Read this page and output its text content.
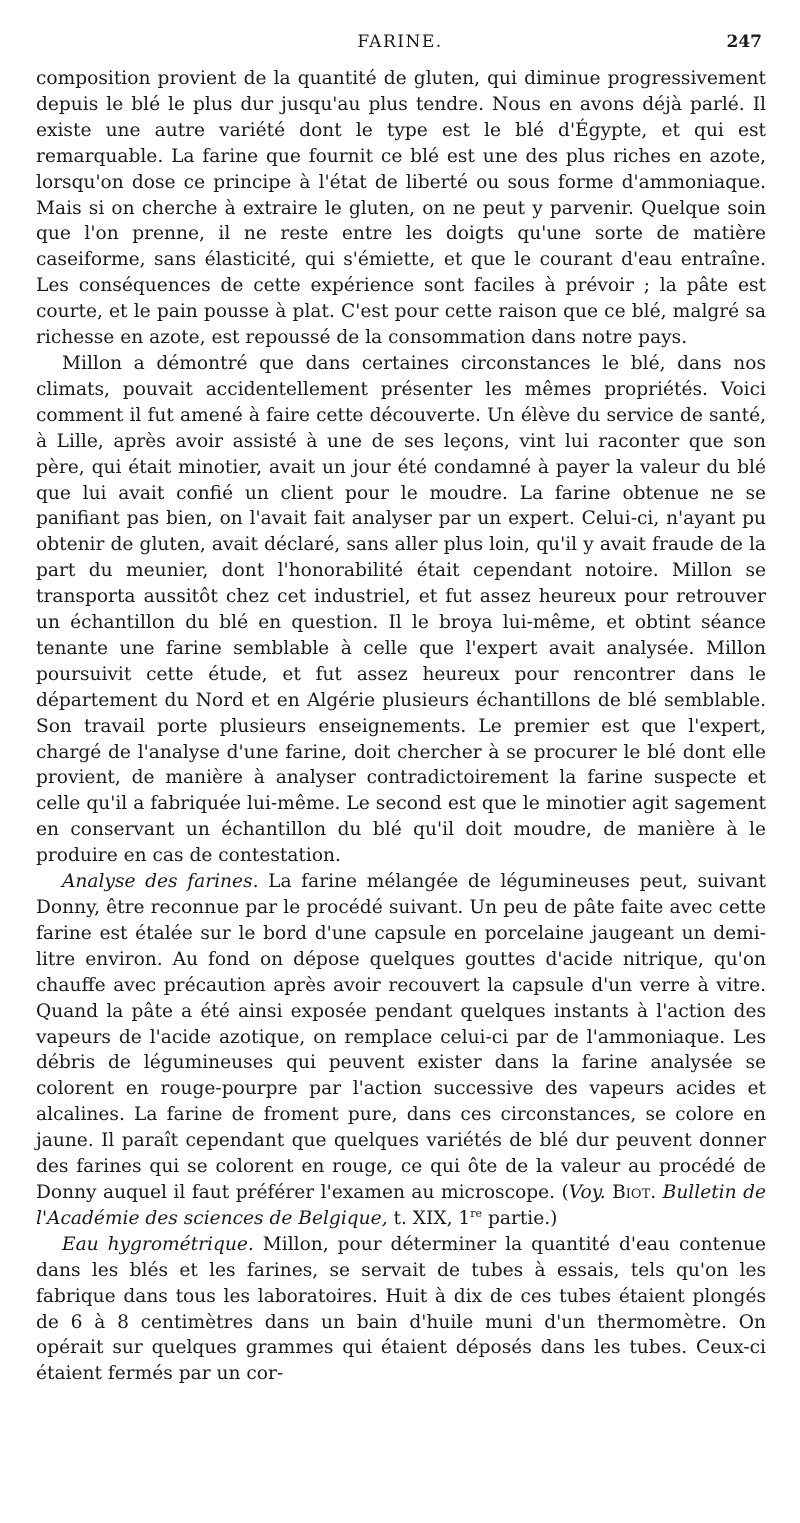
FARINE.	247

composition provient de la quantité de gluten, qui diminue progressivement depuis le blé le plus dur jusqu'au plus tendre. Nous en avons déjà parlé. Il existe une autre variété dont le type est le blé d'Égypte, et qui est remarquable. La farine que fournit ce blé est une des plus riches en azote, lorsqu'on dose ce principe à l'état de liberté ou sous forme d'ammoniaque. Mais si on cherche à extraire le gluten, on ne peut y parvenir. Quelque soin que l'on prenne, il ne reste entre les doigts qu'une sorte de matière caseiforme, sans élasticité, qui s'émiette, et que le courant d'eau entraîne. Les conséquences de cette expérience sont faciles à prévoir ; la pâte est courte, et le pain pousse à plat. C'est pour cette raison que ce blé, malgré sa richesse en azote, est repoussé de la consommation dans notre pays.

Millon a démontré que dans certaines circonstances le blé, dans nos climats, pouvait accidentellement présenter les mêmes propriétés. Voici comment il fut amené à faire cette découverte. Un élève du service de santé, à Lille, après avoir assisté à une de ses leçons, vint lui raconter que son père, qui était minotier, avait un jour été condamné à payer la valeur du blé que lui avait confié un client pour le moudre. La farine obtenue ne se panifiant pas bien, on l'avait fait analyser par un expert. Celui-ci, n'ayant pu obtenir de gluten, avait déclaré, sans aller plus loin, qu'il y avait fraude de la part du meunier, dont l'honorabilité était cependant notoire. Millon se transporta aussitôt chez cet industriel, et fut assez heureux pour retrouver un échantillon du blé en question. Il le broya lui-même, et obtint séance tenante une farine semblable à celle que l'expert avait analysée. Millon poursuivit cette étude, et fut assez heureux pour rencontrer dans le département du Nord et en Algérie plusieurs échantillons de blé semblable. Son travail porte plusieurs enseignements. Le premier est que l'expert, chargé de l'analyse d'une farine, doit chercher à se procurer le blé dont elle provient, de manière à analyser contradictoirement la farine suspecte et celle qu'il a fabriquée lui-même. Le second est que le minotier agit sagement en conservant un échantillon du blé qu'il doit moudre, de manière à le produire en cas de contestation.

Analyse des farines. La farine mélangée de légumineuses peut, suivant Donny, être reconnue par le procédé suivant. Un peu de pâte faite avec cette farine est étalée sur le bord d'une capsule en porcelaine jaugeant un demi-litre environ. Au fond on dépose quelques gouttes d'acide nitrique, qu'on chauffe avec précaution après avoir recouvert la capsule d'un verre à vitre. Quand la pâte a été ainsi exposée pendant quelques instants à l'action des vapeurs de l'acide azotique, on remplace celui-ci par de l'ammoniaque. Les débris de légumineuses qui peuvent exister dans la farine analysée se colorent en rouge-pourpre par l'action successive des vapeurs acides et alcalines. La farine de froment pure, dans ces circonstances, se colore en jaune. Il paraît cependant que quelques variétés de blé dur peuvent donner des farines qui se colorent en rouge, ce qui ôte de la valeur au procédé de Donny auquel il faut préférer l'examen au microscope. (Voy. Biot. Bulletin de l'Académie des sciences de Belgique, t. XIX, 1re partie.)

Eau hygrométrique. Millon, pour déterminer la quantité d'eau contenue dans les blés et les farines, se servait de tubes à essais, tels qu'on les fabrique dans tous les laboratoires. Huit à dix de ces tubes étaient plongés de 6 à 8 centimètres dans un bain d'huile muni d'un thermomètre. On opérait sur quelques grammes qui étaient déposés dans les tubes. Ceux-ci étaient fermés par un cor-
